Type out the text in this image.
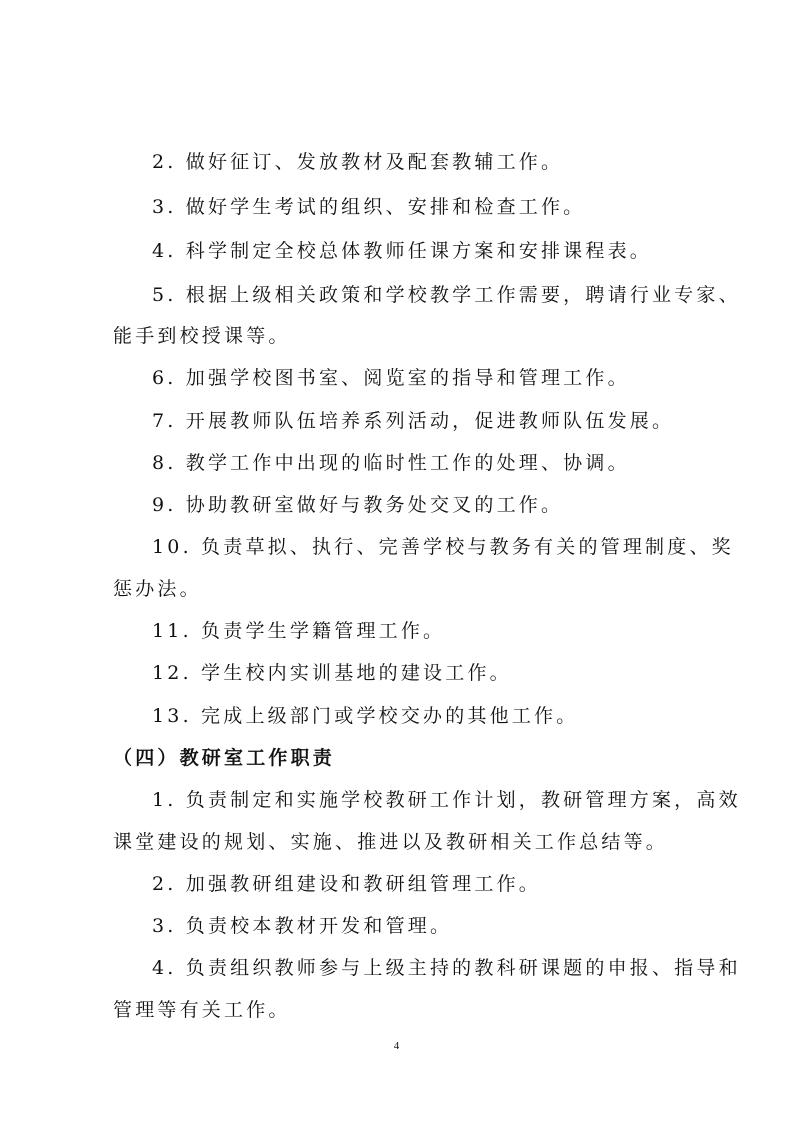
2. 做好征订、发放教材及配套教辅工作。
3. 做好学生考试的组织、安排和检查工作。
4. 科学制定全校总体教师任课方案和安排课程表。
5. 根据上级相关政策和学校教学工作需要，聘请行业专家、
能手到校授课等。
6. 加强学校图书室、阅览室的指导和管理工作。
7. 开展教师队伍培养系列活动，促进教师队伍发展。
8. 教学工作中出现的临时性工作的处理、协调。
9. 协助教研室做好与教务处交叉的工作。
10. 负责草拟、执行、完善学校与教务有关的管理制度、奖
惩办法。
11. 负责学生学籍管理工作。
12. 学生校内实训基地的建设工作。
13. 完成上级部门或学校交办的其他工作。
（四）教研室工作职责
1. 负责制定和实施学校教研工作计划，教研管理方案，高效
课堂建设的规划、实施、推进以及教研相关工作总结等。
2. 加强教研组建设和教研组管理工作。
3. 负责校本教材开发和管理。
4. 负责组织教师参与上级主持的教科研课题的申报、指导和
管理等有关工作。
4
